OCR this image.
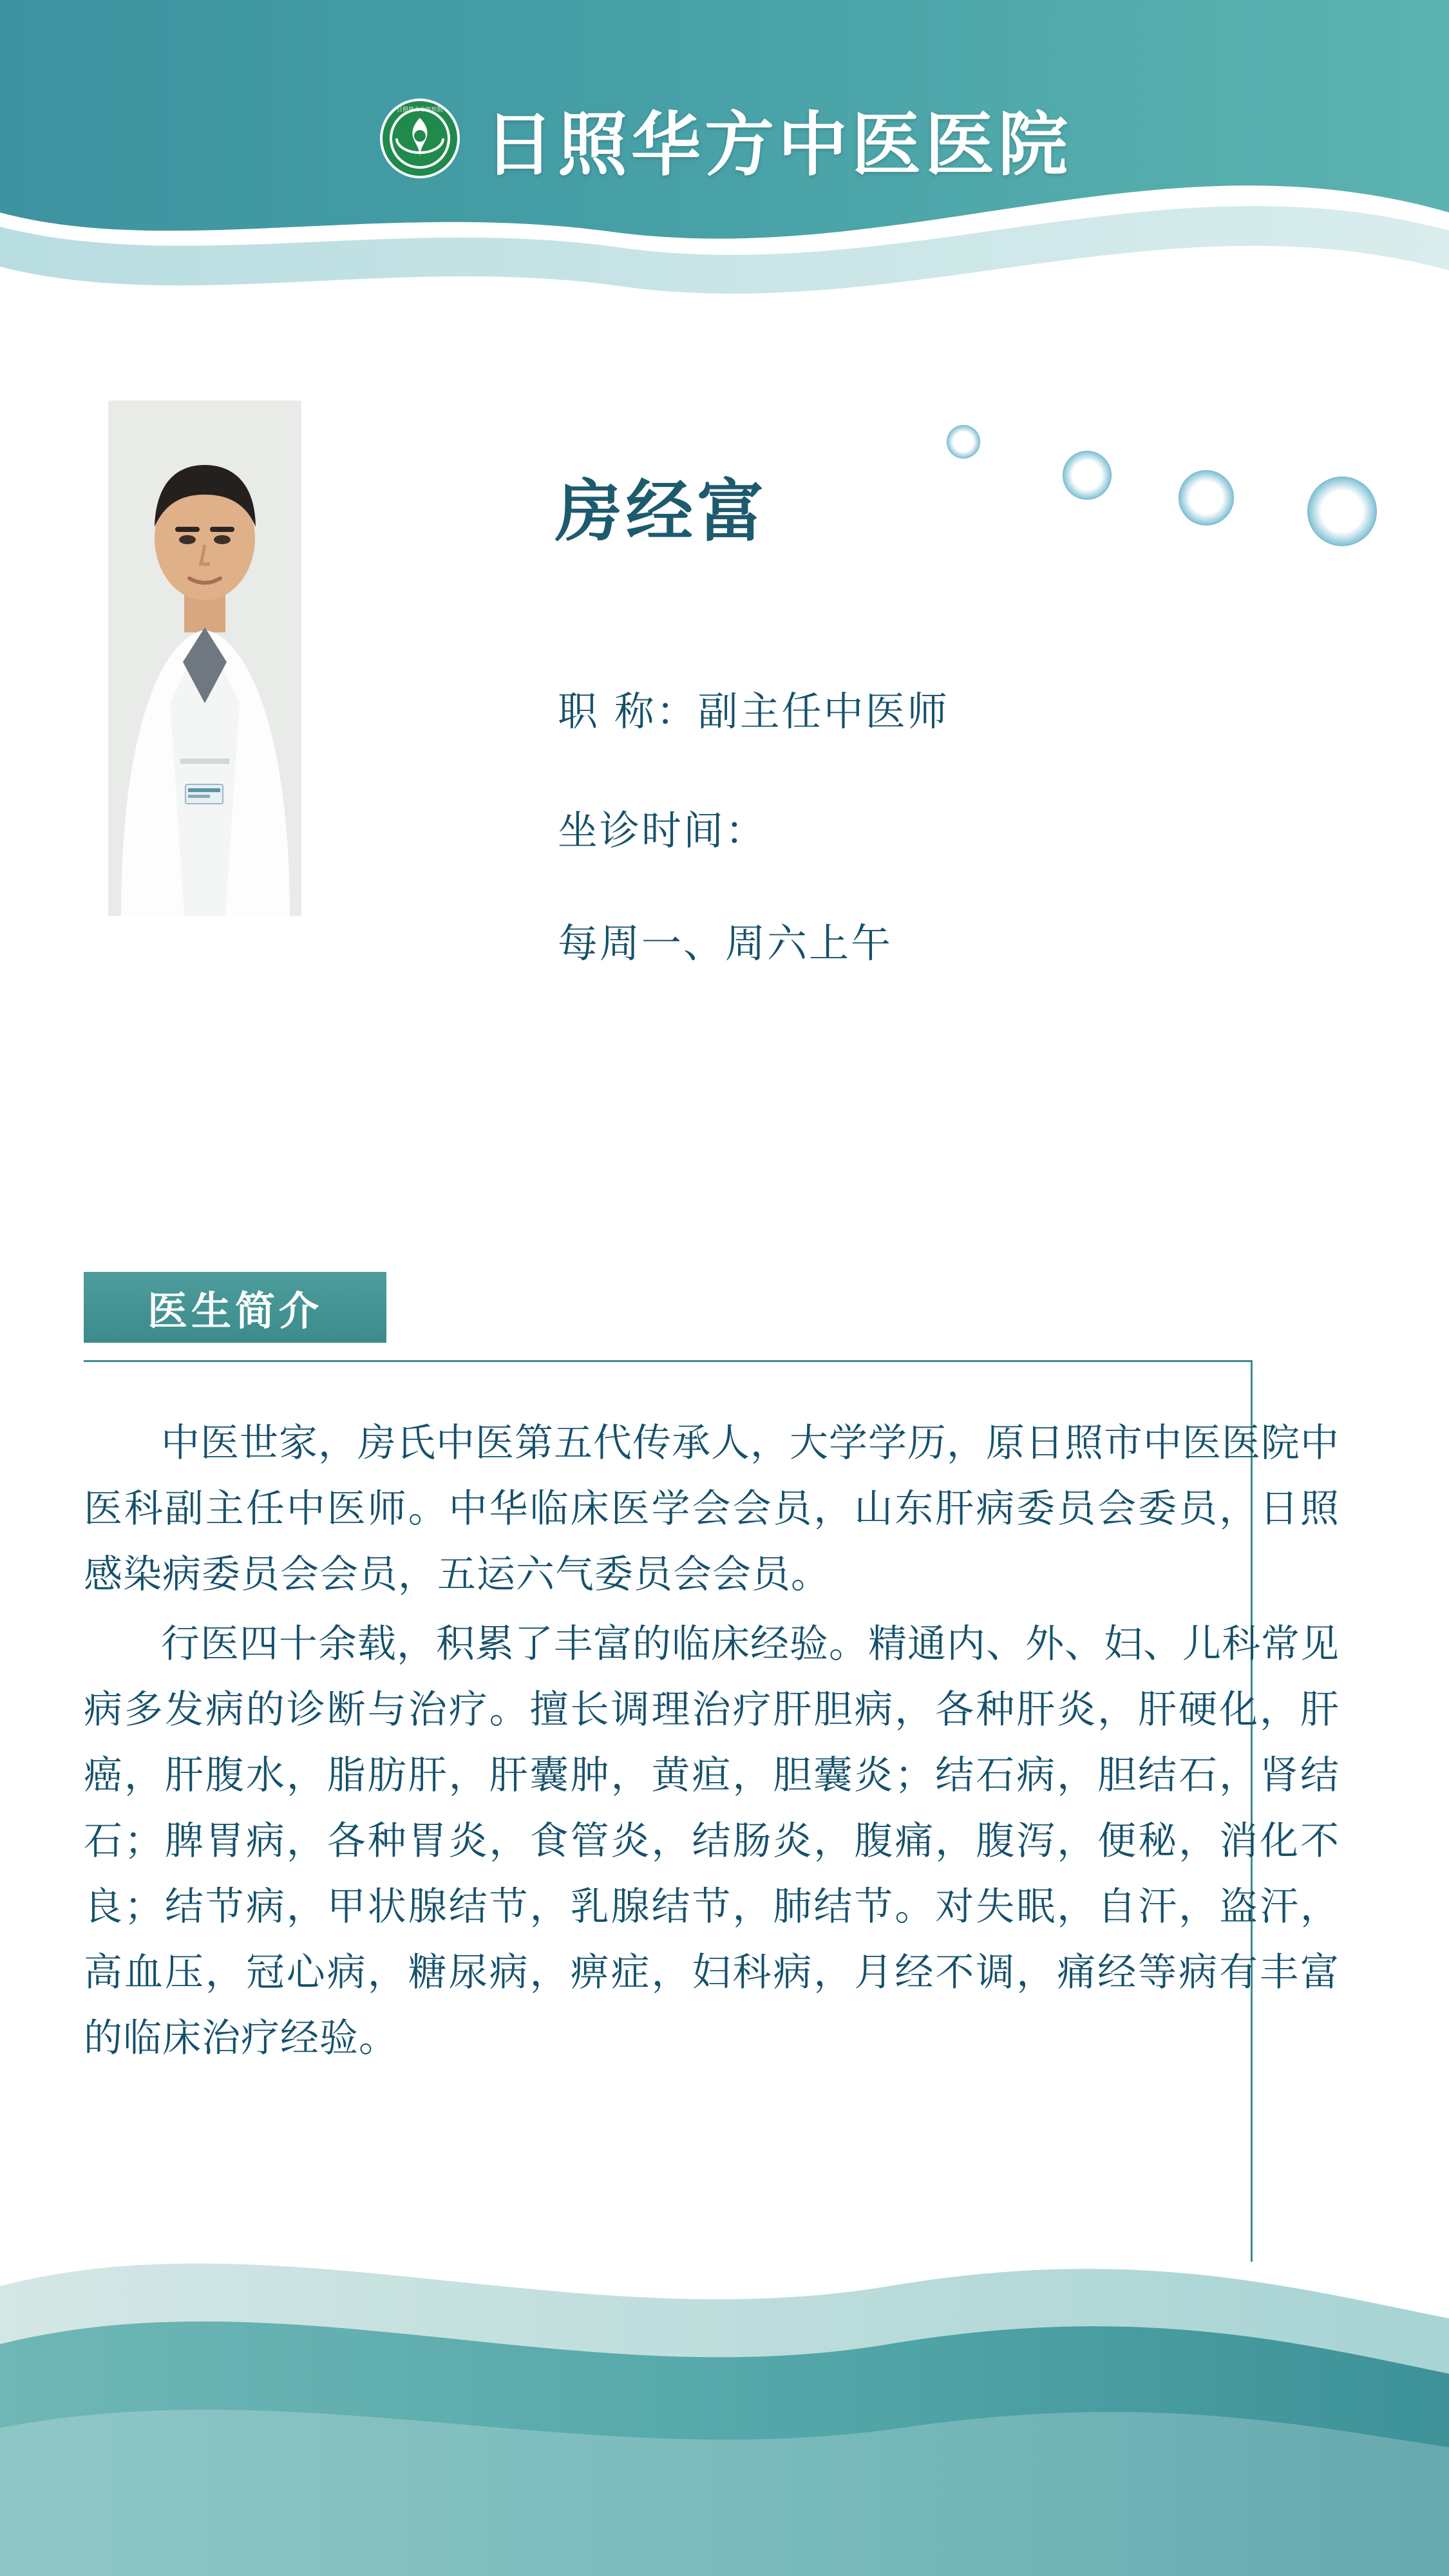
日照华方中医医院 日照华方中医医院
房经富
职 称：副主任中医师
坐诊时间：
每周一、周六上午
医生简介

中医世家，房氏中医第五代传承人，大学学历，原日照市中医医院中医科副主任中医师。中华临床医学会会员，山东肝病委员会委员，日照感染病委员会会员，五运六气委员会会员。

行医四十余载，积累了丰富的临床经验。精通内、外、妇、儿科常见病多发病的诊断与治疗。擅长调理治疗肝胆病，各种肝炎，肝硬化，肝癌，肝腹水，脂肪肝，肝囊肿，黄疸，胆囊炎；结石病，胆结石，肾结石；脾胃病，各种胃炎，食管炎，结肠炎，腹痛，腹泻，便秘，消化不良；结节病，甲状腺结节，乳腺结节，肺结节。对失眠，自汗，盗汗，高血压，冠心病，糖尿病，痹症，妇科病，月经不调，痛经等病有丰富的临床治疗经验。
